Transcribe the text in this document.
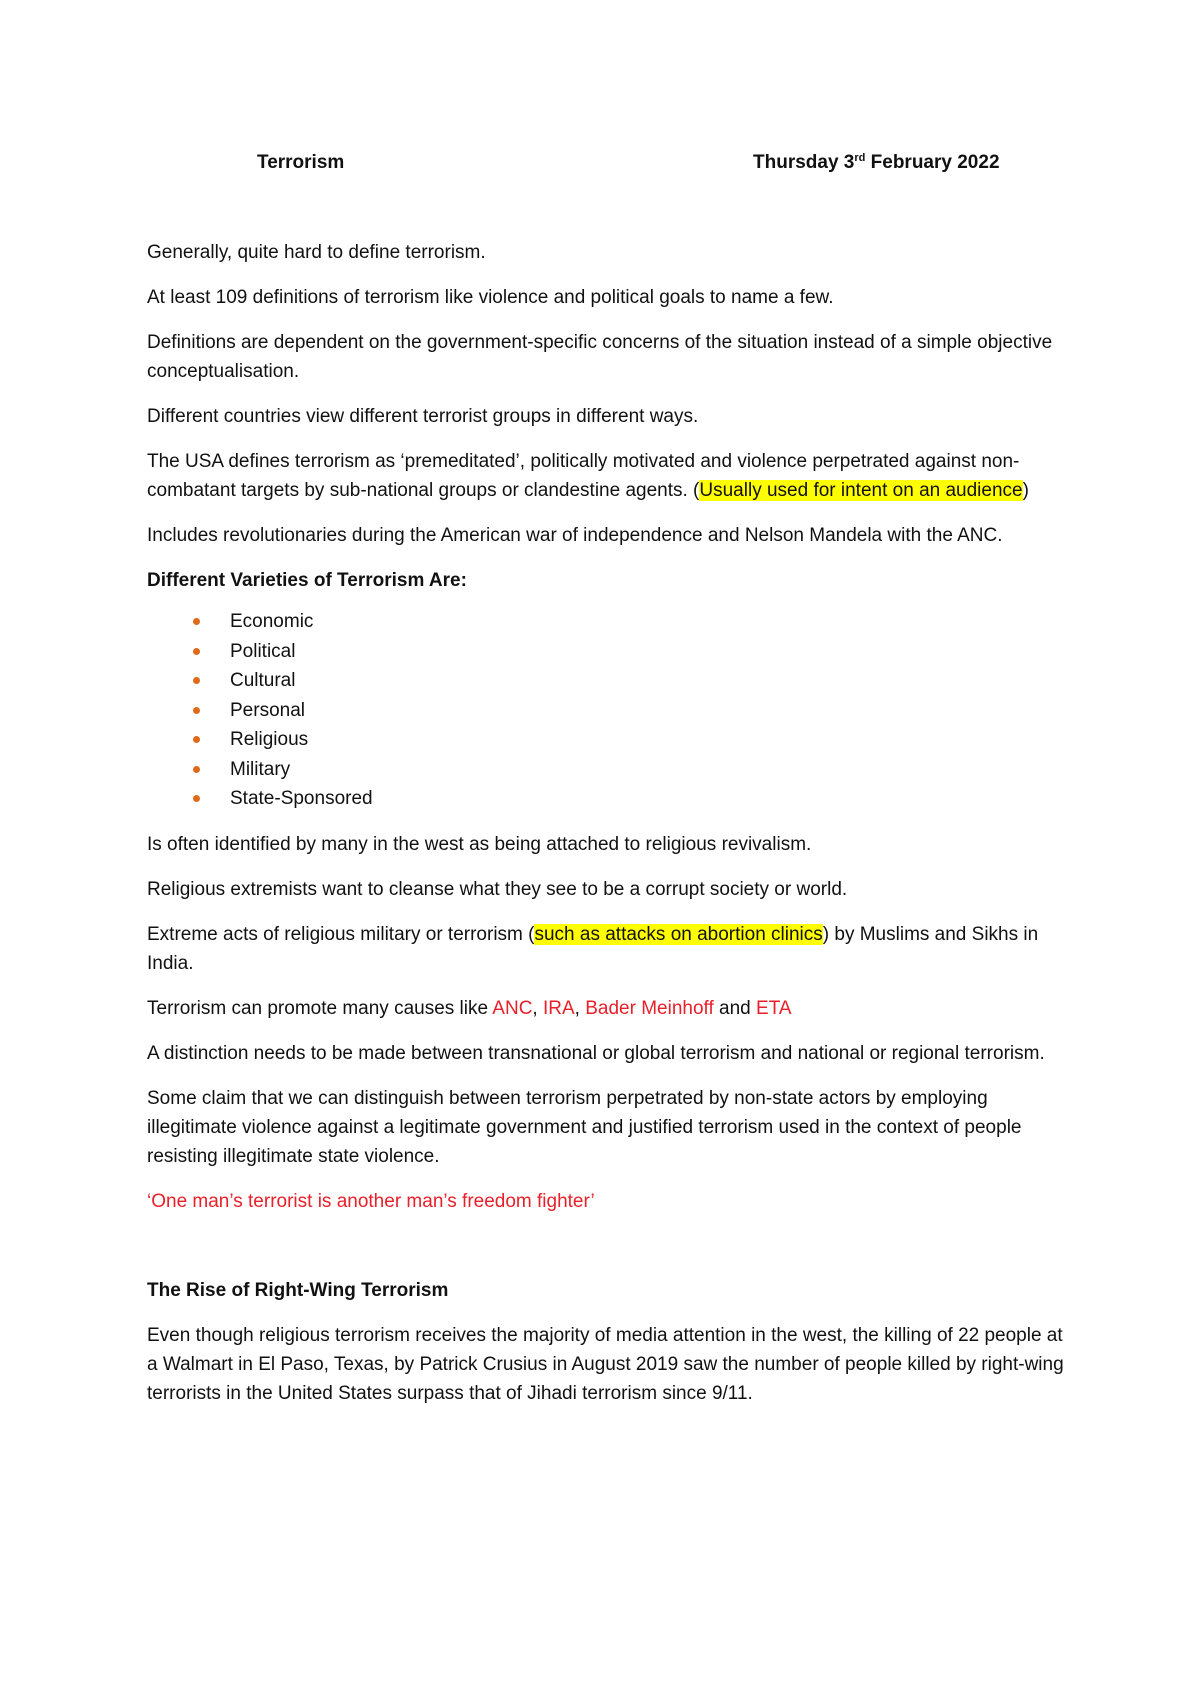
Terrorism	Thursday 3rd February 2022

Generally, quite hard to define terrorism.

At least 109 definitions of terrorism like violence and political goals to name a few.

Definitions are dependent on the government-specific concerns of the situation instead of a simple objective conceptualisation.

Different countries view different terrorist groups in different ways.

The USA defines terrorism as ‘premeditated’, politically motivated and violence perpetrated against non-combatant targets by sub-national groups or clandestine agents. (Usually used for intent on an audience)

Includes revolutionaries during the American war of independence and Nelson Mandela with the ANC.

Different Varieties of Terrorism Are:

Economic
Political
Cultural
Personal
Religious
Military
State-Sponsored

Is often identified by many in the west as being attached to religious revivalism.

Religious extremists want to cleanse what they see to be a corrupt society or world.

Extreme acts of religious military or terrorism (such as attacks on abortion clinics) by Muslims and Sikhs in India.

Terrorism can promote many causes like ANC, IRA, Bader Meinhoff and ETA

A distinction needs to be made between transnational or global terrorism and national or regional terrorism.

Some claim that we can distinguish between terrorism perpetrated by non-state actors by employing illegitimate violence against a legitimate government and justified terrorism used in the context of people resisting illegitimate state violence.

‘One man’s terrorist is another man’s freedom fighter’

The Rise of Right-Wing Terrorism

Even though religious terrorism receives the majority of media attention in the west, the killing of 22 people at a Walmart in El Paso, Texas, by Patrick Crusius in August 2019 saw the number of people killed by right-wing terrorists in the United States surpass that of Jihadi terrorism since 9/11.
